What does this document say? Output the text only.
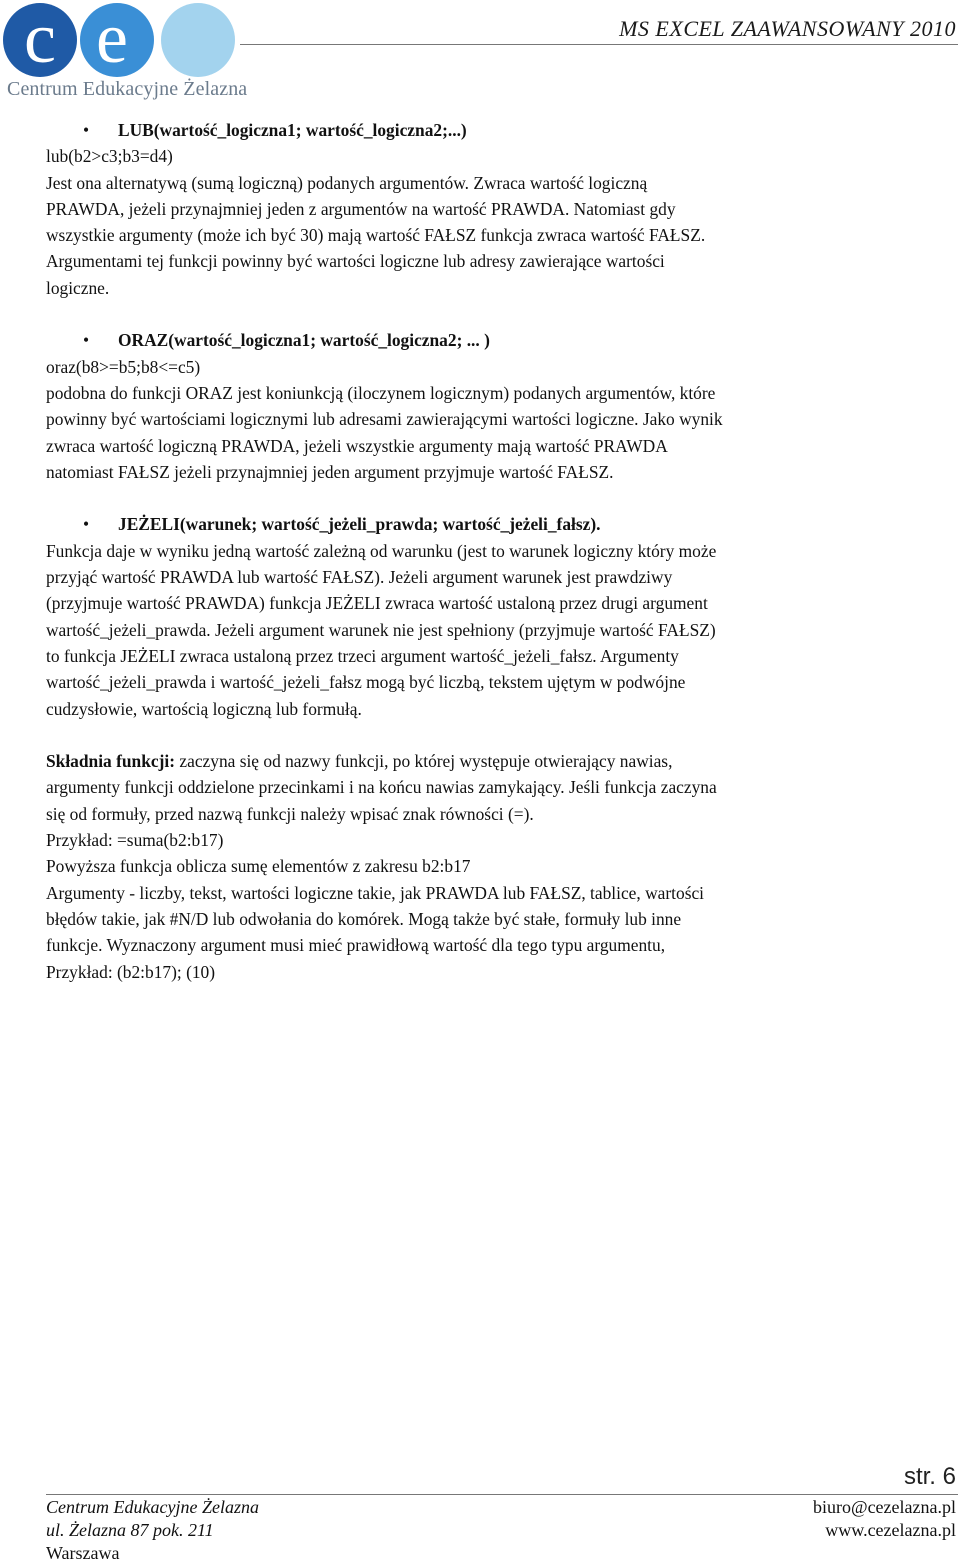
c e
Centrum Edukacyjne Żelazna
MS EXCEL ZAAWANSOWANY 2010
• LUB(wartość_logiczna1; wartość_logiczna2;...)

lub(b2>c3;b3=d4)

Jest ona alternatywą (sumą logiczną) podanych argumentów. Zwraca wartość logiczną

PRAWDA, jeżeli przynajmniej jeden z argumentów na wartość PRAWDA. Natomiast gdy

wszystkie argumenty (może ich być 30) mają wartość FAŁSZ funkcja zwraca wartość FAŁSZ.

Argumentami tej funkcji powinny być wartości logiczne lub adresy zawierające wartości

logiczne.

• ORAZ(wartość_logiczna1; wartość_logiczna2; ... )

oraz(b8>=b5;b8<=c5)

podobna do funkcji ORAZ jest koniunkcją (iloczynem logicznym) podanych argumentów, które

powinny być wartościami logicznymi lub adresami zawierającymi wartości logiczne. Jako wynik

zwraca wartość logiczną PRAWDA, jeżeli wszystkie argumenty mają wartość PRAWDA

natomiast FAŁSZ jeżeli przynajmniej jeden argument przyjmuje wartość FAŁSZ.

• JEŻELI(warunek; wartość_jeżeli_prawda; wartość_jeżeli_fałsz).

Funkcja daje w wyniku jedną wartość zależną od warunku (jest to warunek logiczny który może

przyjąć wartość PRAWDA lub wartość FAŁSZ). Jeżeli argument warunek jest prawdziwy

(przyjmuje wartość PRAWDA) funkcja JEŻELI zwraca wartość ustaloną przez drugi argument

wartość_jeżeli_prawda. Jeżeli argument warunek nie jest spełniony (przyjmuje wartość FAŁSZ)

to funkcja JEŻELI zwraca ustaloną przez trzeci argument wartość_jeżeli_fałsz. Argumenty

wartość_jeżeli_prawda i wartość_jeżeli_fałsz mogą być liczbą, tekstem ujętym w podwójne

cudzysłowie, wartością logiczną lub formułą.

Składnia funkcji: zaczyna się od nazwy funkcji, po której występuje otwierający nawias,

argumenty funkcji oddzielone przecinkami i na końcu nawias zamykający. Jeśli funkcja zaczyna

się od formuły, przed nazwą funkcji należy wpisać znak równości (=).

Przykład: =suma(b2:b17)

Powyższa funkcja oblicza sumę elementów z zakresu b2:b17

Argumenty - liczby, tekst, wartości logiczne takie, jak PRAWDA lub FAŁSZ, tablice, wartości

błędów takie, jak #N/D lub odwołania do komórek. Mogą także być stałe, formuły lub inne

funkcje. Wyznaczony argument musi mieć prawidłową wartość dla tego typu argumentu,

Przykład: (b2:b17); (10)

str. 6
Centrum Edukacyjne Żelazna
ul. Żelazna 87 pok. 211
Warszawa
biuro@cezelazna.pl
www.cezelazna.pl
